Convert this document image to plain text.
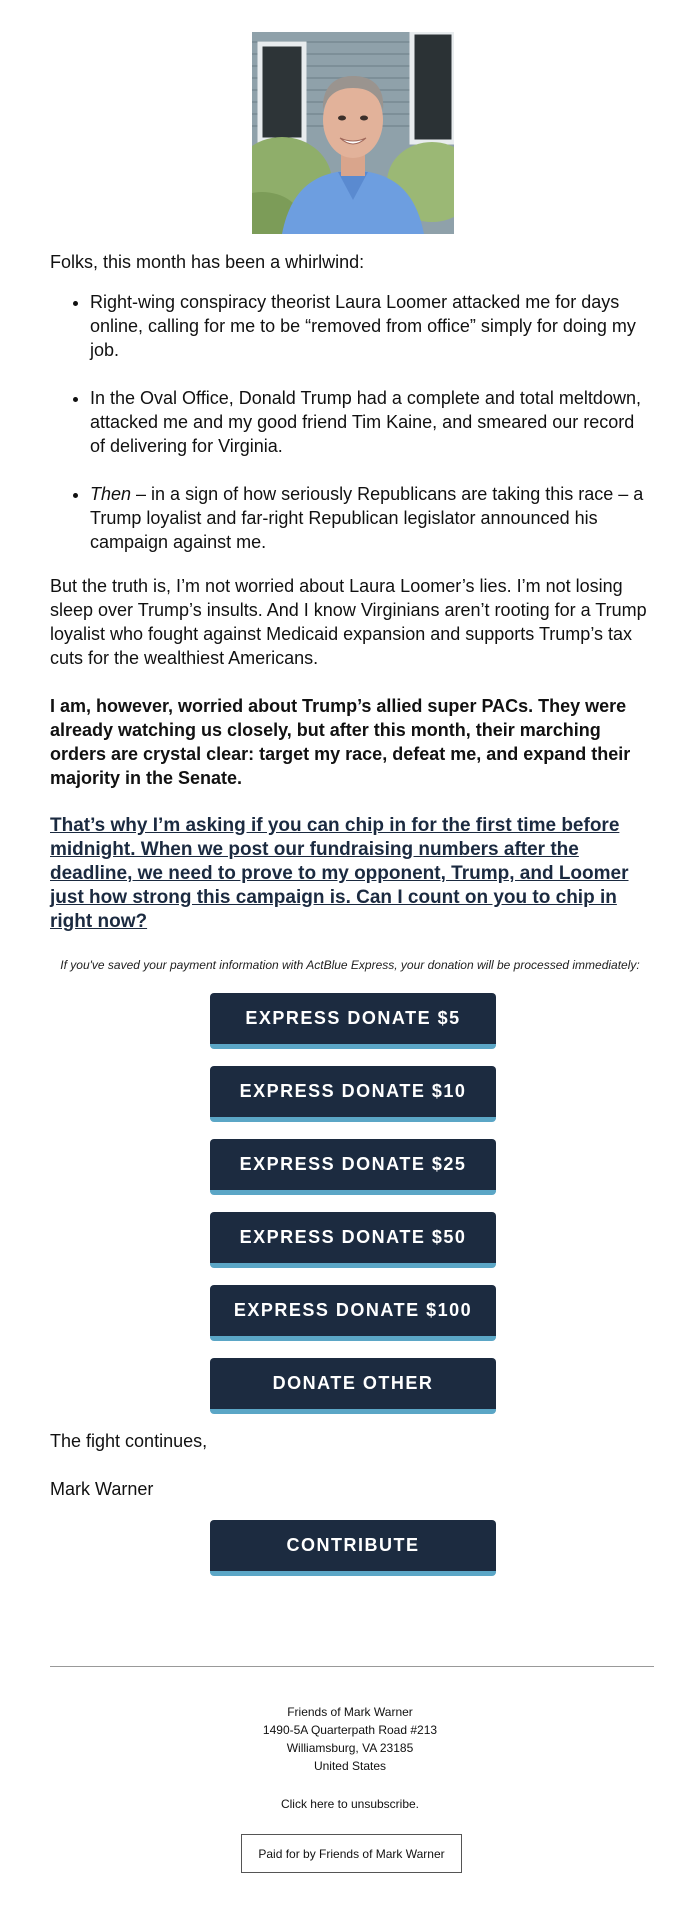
Folks, this month has been a whirlwind:

• Right-wing conspiracy theorist Laura Loomer attacked me for days online, calling for me to be “removed from office” simply for doing my job.
• In the Oval Office, Donald Trump had a complete and total meltdown, attacked me and my good friend Tim Kaine, and smeared our record of delivering for Virginia.
• Then – in a sign of how seriously Republicans are taking this race – a Trump loyalist and far-right Republican legislator announced his campaign against me.

But the truth is, I’m not worried about Laura Loomer’s lies. I’m not losing sleep over Trump’s insults. And I know Virginians aren’t rooting for a Trump loyalist who fought against Medicaid expansion and supports Trump’s tax cuts for the wealthiest Americans.

I am, however, worried about Trump’s allied super PACs. They were already watching us closely, but after this month, their marching orders are crystal clear: target my race, defeat me, and expand their majority in the Senate.

That’s why I’m asking if you can chip in for the first time before midnight. When we post our fundraising numbers after the deadline, we need to prove to my opponent, Trump, and Loomer just how strong this campaign is. Can I count on you to chip in right now?

If you've saved your payment information with ActBlue Express, your donation will be processed immediately:

EXPRESS DONATE $5
EXPRESS DONATE $10
EXPRESS DONATE $25
EXPRESS DONATE $50
EXPRESS DONATE $100
DONATE OTHER

The fight continues,

Mark Warner

CONTRIBUTE
Friends of Mark Warner
1490-5A Quarterpath Road #213
Williamsburg, VA 23185
United States
Click here to unsubscribe.
Paid for by Friends of Mark Warner
